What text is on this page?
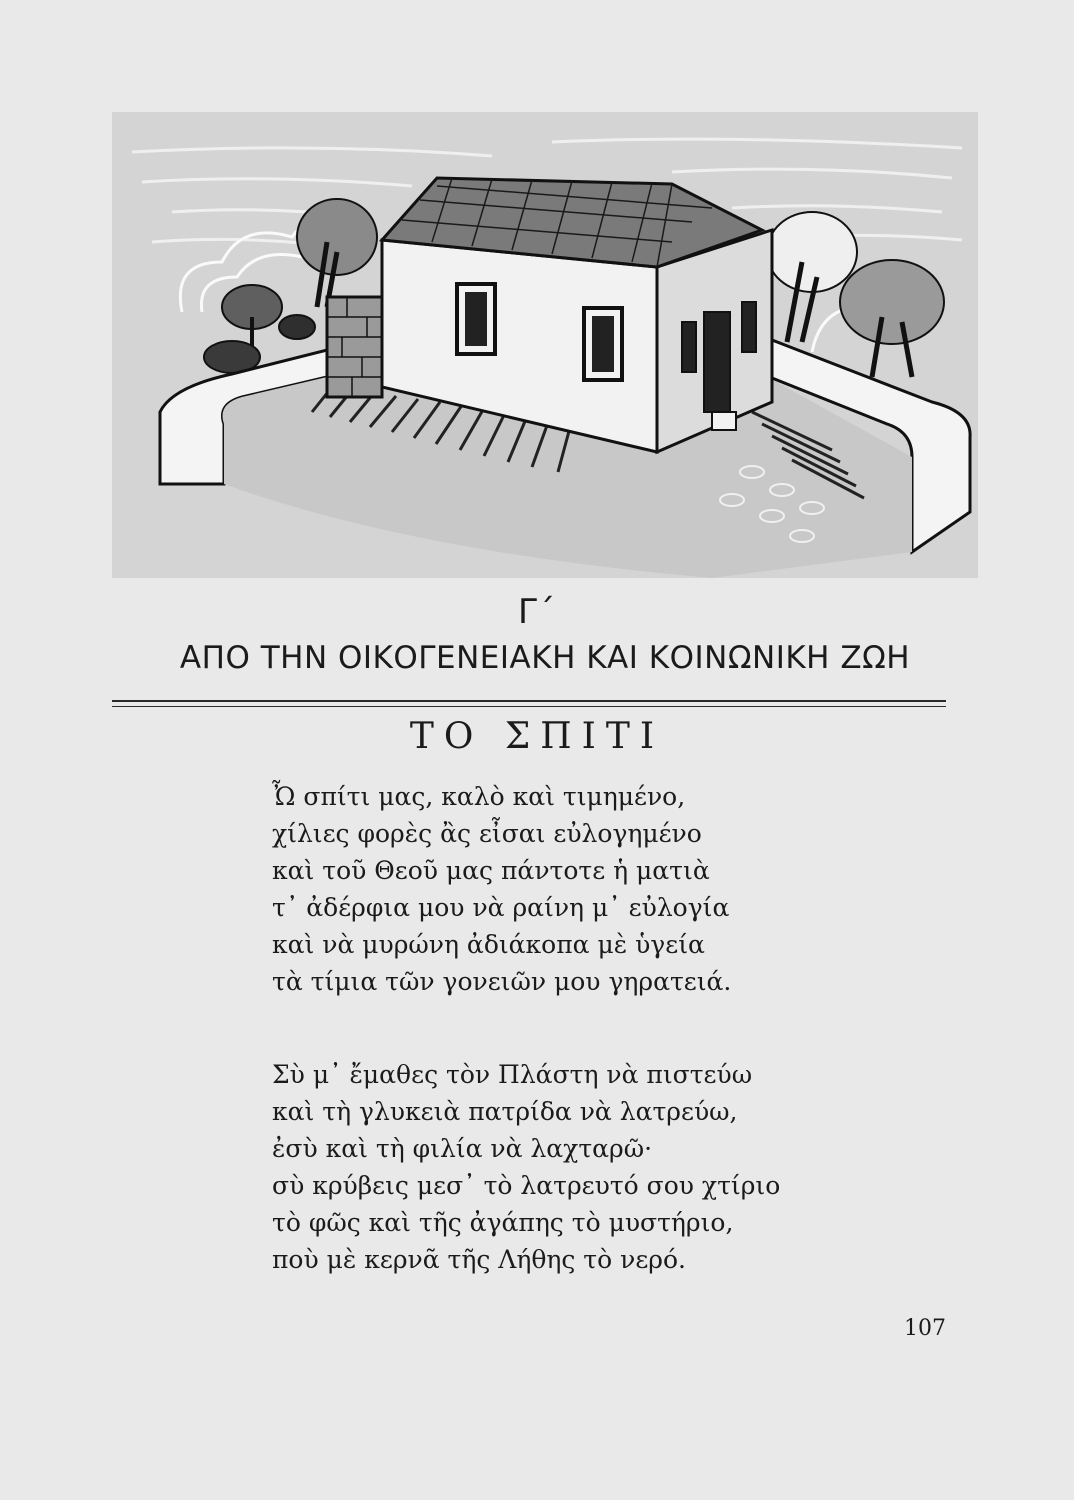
Γ΄
ΑΠΟ ΤΗΝ ΟΙΚΟΓΕΝΕΙΑΚΗ ΚΑΙ ΚΟΙΝΩΝΙΚΗ ΖΩΗ
ΤΟ ΣΠΙΤΙ
Ὦ σπίτι μας, καλὸ καὶ τιμημένο,
χίλιες φορὲς ἂς εἶσαι εὐλογημένο
καὶ τοῦ Θεοῦ μας πάντοτε ἡ ματιὰ
τ᾿ ἀδέρφια μου νὰ ραίνη μ᾿ εὐλογία
καὶ νὰ μυρώνη ἀδιάκοπα μὲ ὑγεία
τὰ τίμια τῶν γονειῶν μου γηρατειά.
Σὺ μ᾿ ἔμαθες τὸν Πλάστη νὰ πιστεύω
καὶ τὴ γλυκειὰ πατρίδα νὰ λατρεύω,
ἐσὺ καὶ τὴ φιλία νὰ λαχταρῶ·
σὺ κρύβεις μεσ᾿ τὸ λατρευτό σου χτίριο
τὸ φῶς καὶ τῆς ἀγάπης τὸ μυστήριο,
ποὺ μὲ κερνᾶ τῆς Λήθης τὸ νερό.
107
